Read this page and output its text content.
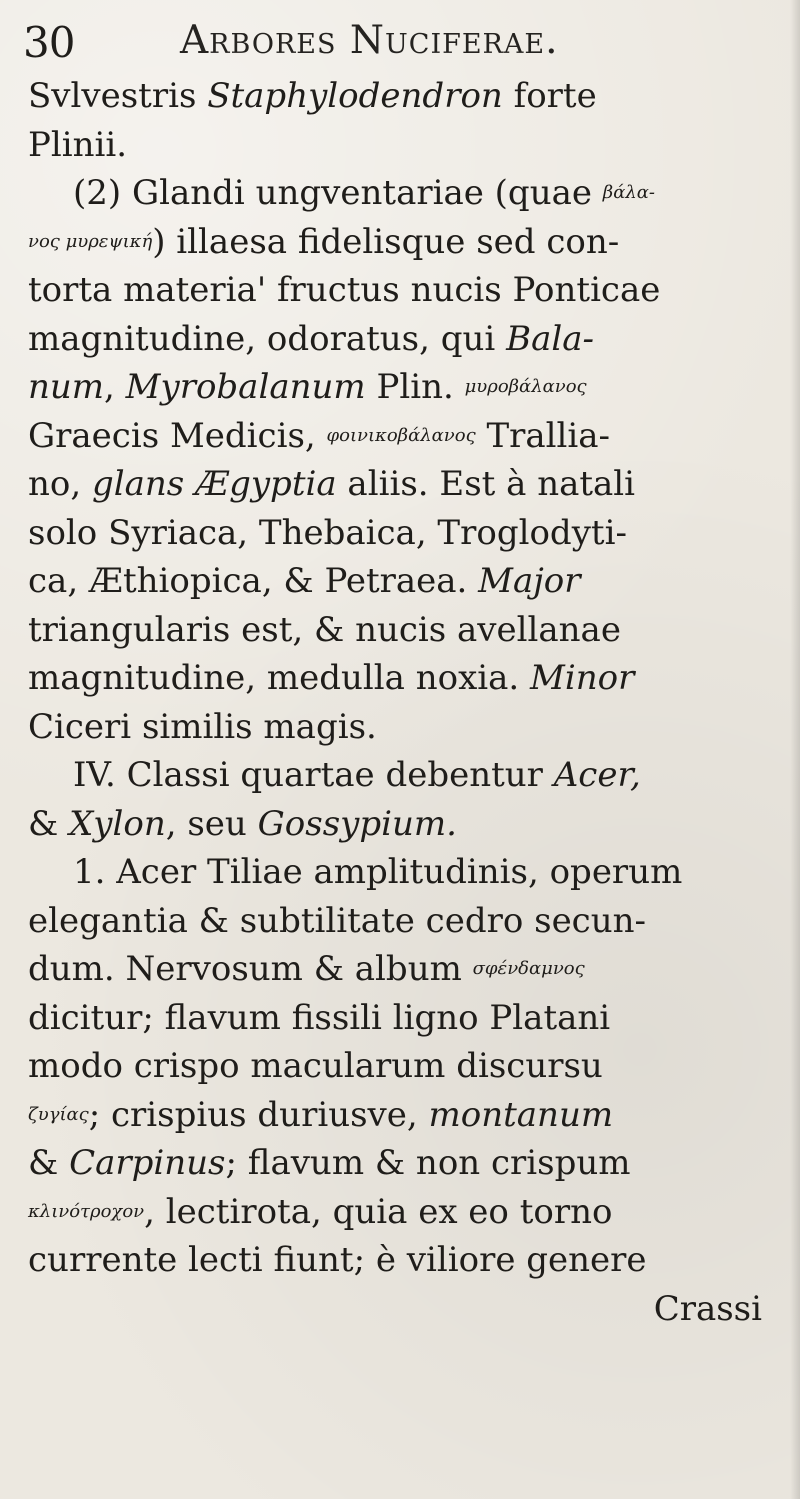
30	Arbores Nuciferae.
Svlvestris Staphylodendron forte
Plinii.
(2) Glandi ungventariae (quae βάλα-
νος μυρεψική) illaesa fidelisque sed con-
torta materia' fructus nucis Ponticae
magnitudine, odoratus, qui Bala-
num, Myrobalanum Plin. μυροβάλανος
Graecis Medicis, φοινικοβάλανος Trallia-
no, glans Ægyptia aliis. Est à natali
solo Syriaca, Thebaica, Troglodyti-
ca, Æthiopica, & Petraea. Major
triangularis est, & nucis avellanae
magnitudine, medulla noxia. Minor
Ciceri similis magis.
IV. Classi quartae debentur Acer,
& Xylon, seu Gossypium.
1. Acer Tiliae amplitudinis, operum
elegantia & subtilitate cedro secun-
dum. Nervosum & album σφένδαμνος
dicitur; flavum fissili ligno Platani
modo crispo macularum discursu
ζυγίας; crispius duriusve, montanum
& Carpinus; flavum & non crispum
κλινότροχον, lectirota, quia ex eo torno
currente lecti fiunt; è viliore genere
Crassi
